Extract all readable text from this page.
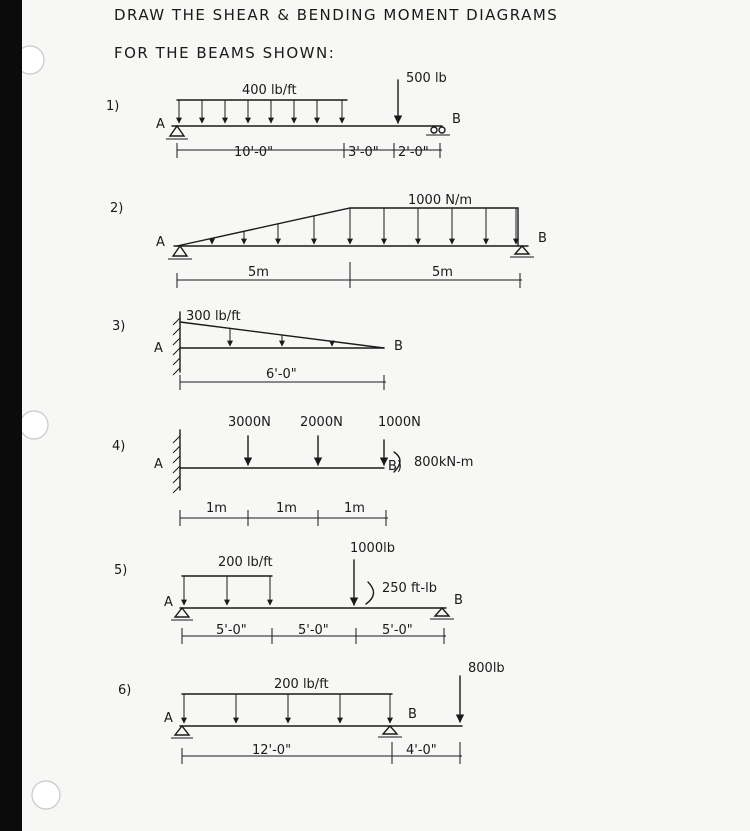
DRAW THE SHEAR & BENDING MOMENT DIAGRAMS
FOR THE BEAMS SHOWN:
1)
A	B
400 lb/ft
500 lb
10'-0"	3'-0" 2'-0"
2)
A	B
1000 N/m
5m	5m
3)
A	B
300 lb/ft
6'-0"
4)
A
3000N 2000N	1000N
B) 800kN-m
1m	1m	1m
5)
A	B
200 lb/ft
1000lb
250 ft-lb
5'-0"	5'-0"	5'-0"
6)
A	B
200 lb/ft
800lb
12'-0"	4'-0"
